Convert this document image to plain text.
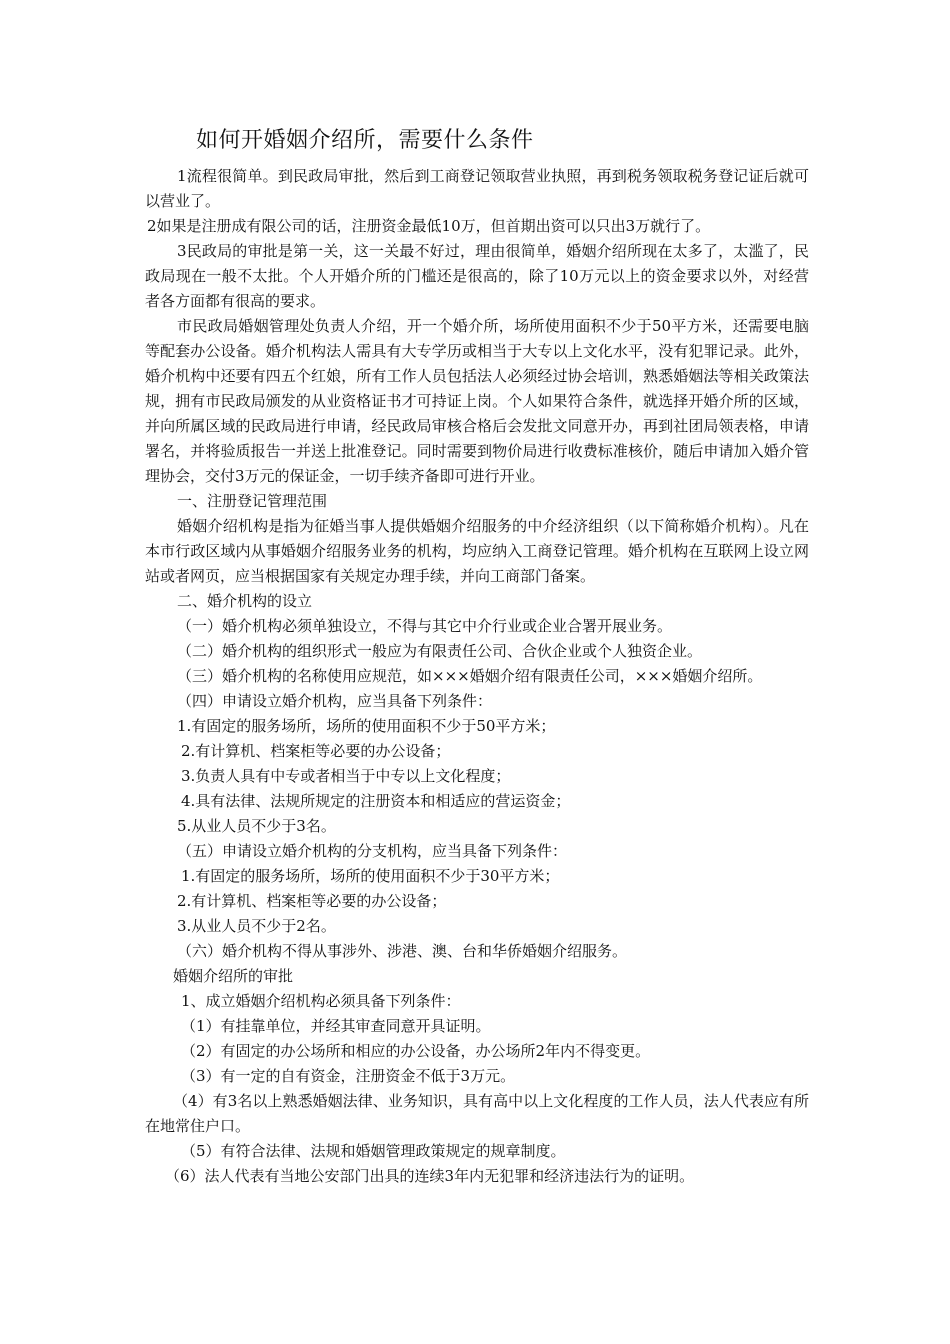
如何开婚姻介绍所，需要什么条件

1流程很简单。到民政局审批，然后到工商登记领取营业执照，再到税务领取税务登记证后就可以营业了。

2如果是注册成有限公司的话，注册资金最低10万，但首期出资可以只出3万就行了。

3民政局的审批是第一关，这一关最不好过，理由很简单，婚姻介绍所现在太多了，太滥了，民政局现在一般不太批。个人开婚介所的门槛还是很高的，除了10万元以上的资金要求以外，对经营者各方面都有很高的要求。

市民政局婚姻管理处负责人介绍，开一个婚介所，场所使用面积不少于50平方米，还需要电脑等配套办公设备。婚介机构法人需具有大专学历或相当于大专以上文化水平，没有犯罪记录。此外，婚介机构中还要有四五个红娘，所有工作人员包括法人必须经过协会培训，熟悉婚姻法等相关政策法规，拥有市民政局颁发的从业资格证书才可持证上岗。个人如果符合条件，就选择开婚介所的区域，并向所属区域的民政局进行申请，经民政局审核合格后会发批文同意开办，再到社团局领表格，申请署名，并将验质报告一并送上批准登记。同时需要到物价局进行收费标准核价，随后申请加入婚介管理协会，交付3万元的保证金，一切手续齐备即可进行开业。

一、注册登记管理范围

婚姻介绍机构是指为征婚当事人提供婚姻介绍服务的中介经济组织（以下简称婚介机构）。凡在本市行政区域内从事婚姻介绍服务业务的机构，均应纳入工商登记管理。婚介机构在互联网上设立网站或者网页，应当根据国家有关规定办理手续，并向工商部门备案。

二、婚介机构的设立

（一）婚介机构必须单独设立，不得与其它中介行业或企业合署开展业务。

（二）婚介机构的组织形式一般应为有限责任公司、合伙企业或个人独资企业。

（三）婚介机构的名称使用应规范，如×××婚姻介绍有限责任公司，×××婚姻介绍所。

（四）申请设立婚介机构，应当具备下列条件：

1.有固定的服务场所，场所的使用面积不少于50平方米；

2.有计算机、档案柜等必要的办公设备；

3.负责人具有中专或者相当于中专以上文化程度；

4.具有法律、法规所规定的注册资本和相适应的营运资金；

5.从业人员不少于3名。

（五）申请设立婚介机构的分支机构，应当具备下列条件：

1.有固定的服务场所，场所的使用面积不少于30平方米；

2.有计算机、档案柜等必要的办公设备；

3.从业人员不少于2名。

（六）婚介机构不得从事涉外、涉港、澳、台和华侨婚姻介绍服务。

婚姻介绍所的审批

1、成立婚姻介绍机构必须具备下列条件：

（1）有挂靠单位，并经其审查同意开具证明。

（2）有固定的办公场所和相应的办公设备，办公场所2年内不得变更。

（3）有一定的自有资金，注册资金不低于3万元。

（4）有3名以上熟悉婚姻法律、业务知识，具有高中以上文化程度的工作人员，法人代表应有所在地常住户口。

（5）有符合法律、法规和婚姻管理政策规定的规章制度。

（6）法人代表有当地公安部门出具的连续3年内无犯罪和经济违法行为的证明。
